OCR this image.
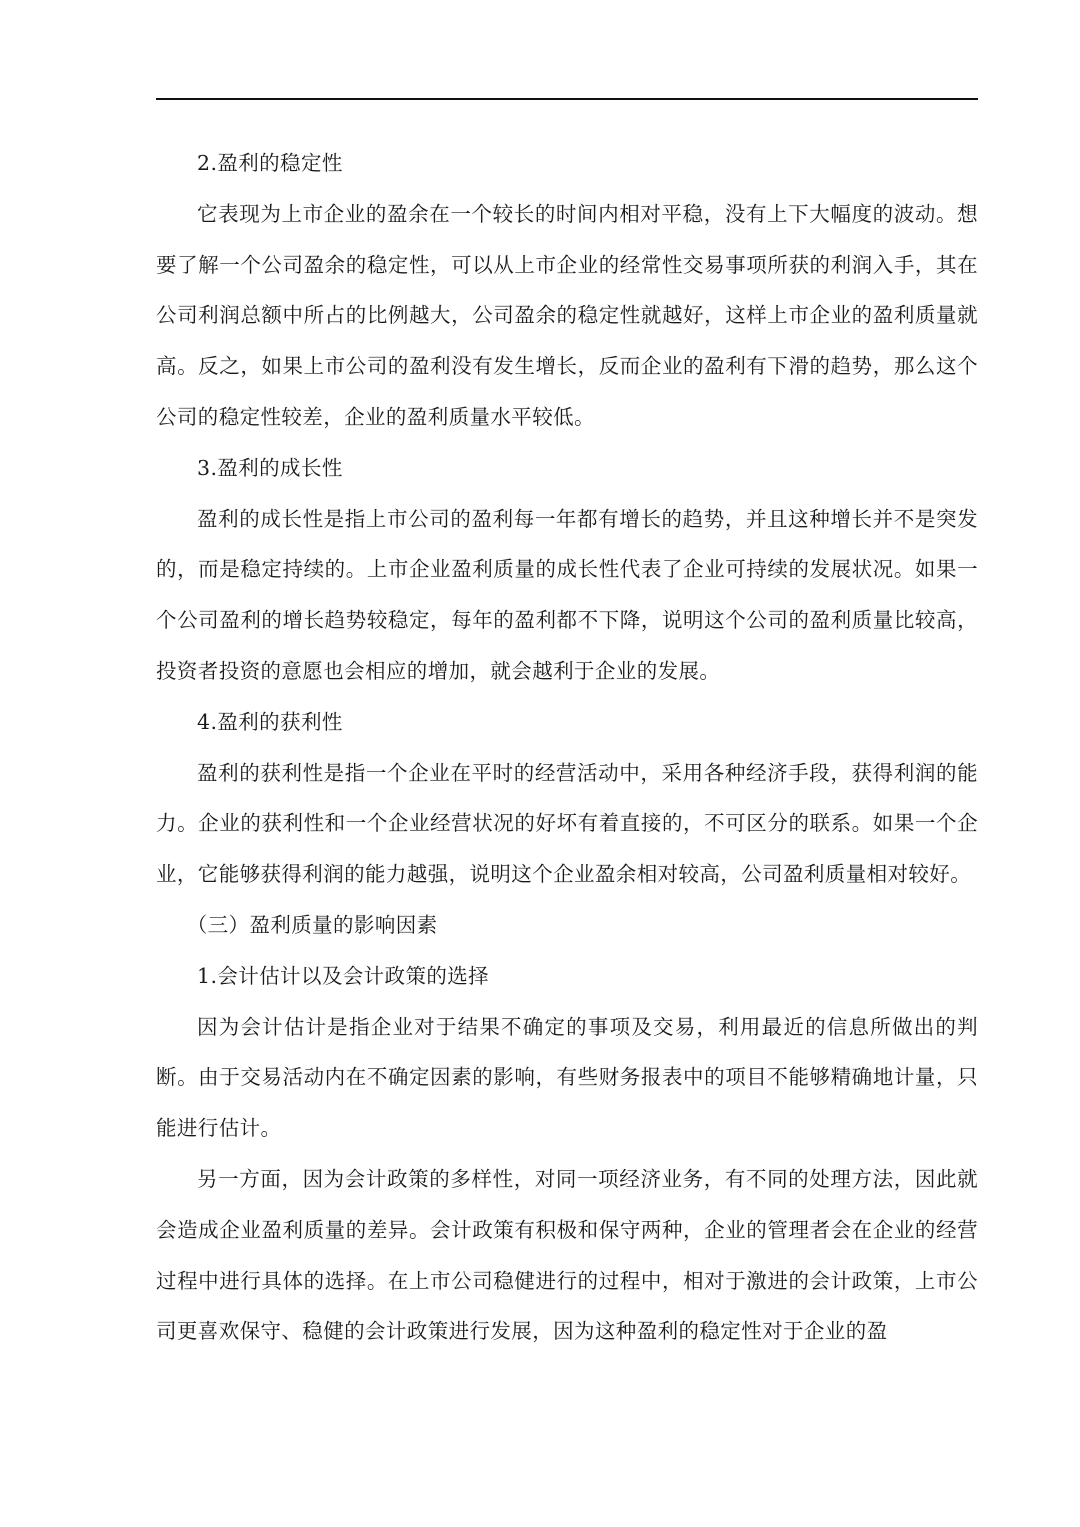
2.盈利的稳定性

它表现为上市企业的盈余在一个较长的时间内相对平稳，没有上下大幅度的波动。想要了解一个公司盈余的稳定性，可以从上市企业的经常性交易事项所获的利润入手，其在公司利润总额中所占的比例越大，公司盈余的稳定性就越好，这样上市企业的盈利质量就高。反之，如果上市公司的盈利没有发生增长，反而企业的盈利有下滑的趋势，那么这个公司的稳定性较差，企业的盈利质量水平较低。

3.盈利的成长性

盈利的成长性是指上市公司的盈利每一年都有增长的趋势，并且这种增长并不是突发的，而是稳定持续的。上市企业盈利质量的成长性代表了企业可持续的发展状况。如果一个公司盈利的增长趋势较稳定，每年的盈利都不下降，说明这个公司的盈利质量比较高，投资者投资的意愿也会相应的增加，就会越利于企业的发展。

4.盈利的获利性

盈利的获利性是指一个企业在平时的经营活动中，采用各种经济手段，获得利润的能力。企业的获利性和一个企业经营状况的好坏有着直接的，不可区分的联系。如果一个企业，它能够获得利润的能力越强，说明这个企业盈余相对较高，公司盈利质量相对较好。

（三）盈利质量的影响因素

1.会计估计以及会计政策的选择

因为会计估计是指企业对于结果不确定的事项及交易，利用最近的信息所做出的判断。由于交易活动内在不确定因素的影响，有些财务报表中的项目不能够精确地计量，只能进行估计。

另一方面，因为会计政策的多样性，对同一项经济业务，有不同的处理方法，因此就会造成企业盈利质量的差异。会计政策有积极和保守两种，企业的管理者会在企业的经营过程中进行具体的选择。在上市公司稳健进行的过程中，相对于激进的会计政策，上市公司更喜欢保守、稳健的会计政策进行发展，因为这种盈利的稳定性对于企业的盈
